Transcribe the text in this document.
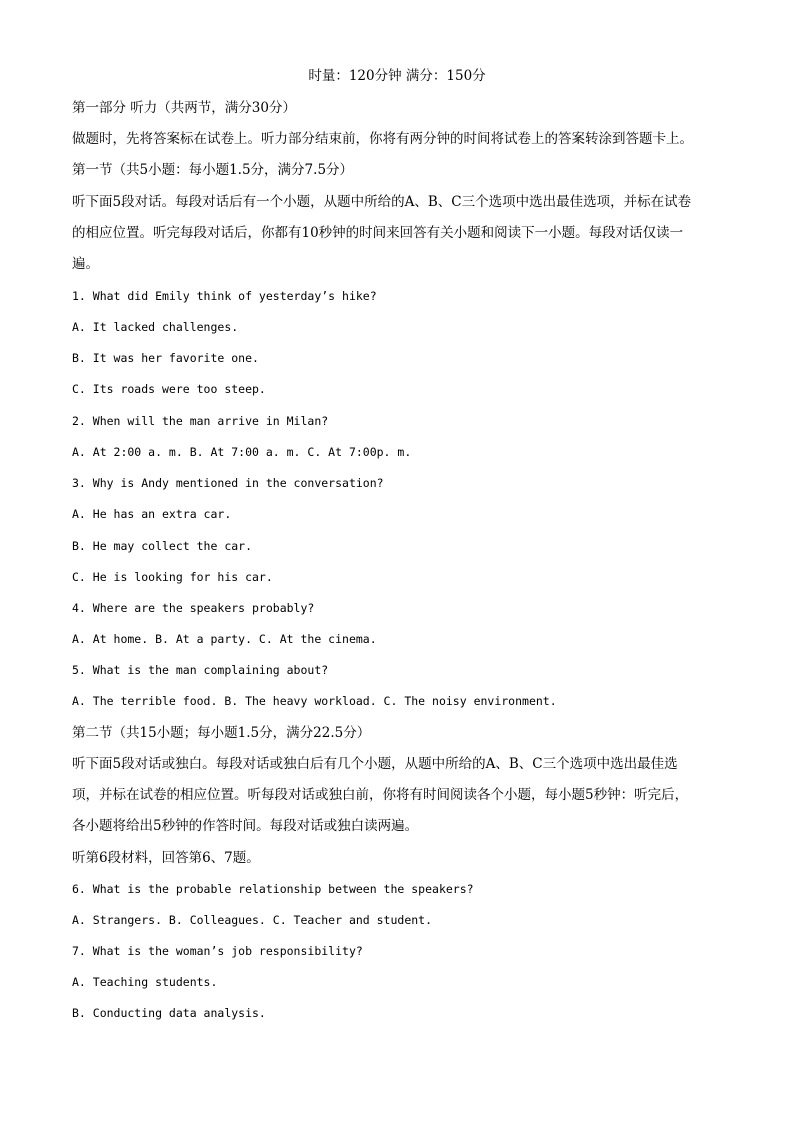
时量：120分钟 满分：150分
第一部分 听力（共两节，满分30分）
做题时，先将答案标在试卷上。听力部分结束前，你将有两分钟的时间将试卷上的答案转涂到答题卡上。
第一节（共5小题：每小题1.5分，满分7.5分）
听下面5段对话。每段对话后有一个小题，从题中所给的A、B、C三个选项中选出最佳选项，并标在试卷
的相应位置。听完每段对话后，你都有10秒钟的时间来回答有关小题和阅读下一小题。每段对话仅读一
遍。
1. What did Emily think of yesterday’s hike?
A. It lacked challenges.
B. It was her favorite one.
C. Its roads were too steep.
2. When will the man arrive in Milan?
A. At 2:00 a. m. B. At 7:00 a. m. C. At 7:00p. m.
3. Why is Andy mentioned in the conversation?
A. He has an extra car.
B. He may collect the car.
C. He is looking for his car.
4. Where are the speakers probably?
A. At home. B. At a party. C. At the cinema.
5. What is the man complaining about?
A. The terrible food. B. The heavy workload. C. The noisy environment.
第二节（共15小题；每小题1.5分，满分22.5分）
听下面5段对话或独白。每段对话或独白后有几个小题，从题中所给的A、B、C三个选项中选出最佳选
项，并标在试卷的相应位置。听每段对话或独白前，你将有时间阅读各个小题，每小题5秒钟：听完后，
各小题将给出5秒钟的作答时间。每段对话或独白读两遍。
听第6段材料，回答第6、7题。
6. What is the probable relationship between the speakers?
A. Strangers. B. Colleagues. C. Teacher and student.
7. What is the woman’s job responsibility?
A. Teaching students.
B. Conducting data analysis.
